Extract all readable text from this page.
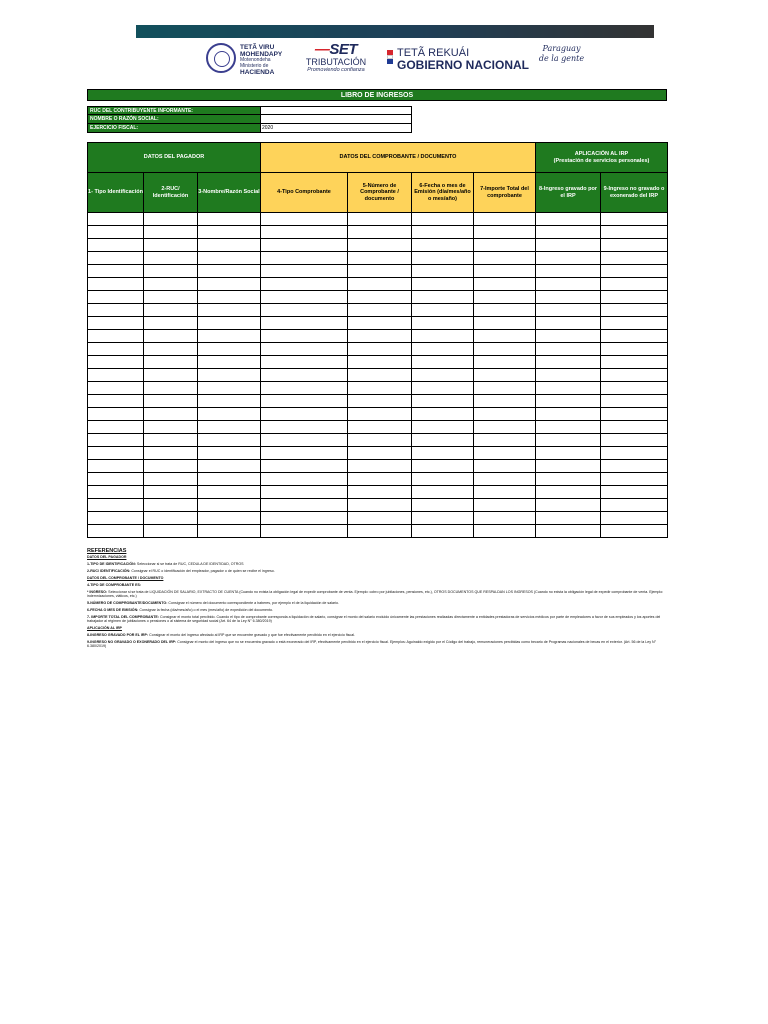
TETÃ VIRU MOHENDAPY
Motenondeha
Ministerio de
HACIENDA
—SET
TRIBUTACIÓN
Promoviendo confianza
TETÃ REKUÁI
GOBIERNO NACIONAL
Paraguay
de la gente
LIBRO DE INGRESOS
RUC DEL CONTRIBUYENTE INFORMANTE:
NOMBRE O RAZÓN SOCIAL:
EJERCICIO FISCAL:	2020
DATOS DEL PAGADOR			DATOS DEL COMPROBANTE / DOCUMENTO				APLICACIÓN AL IRP
(Prestación de servicios personales)	

1- Tipo Identificación	2-RUC/ Identificación	3-Nombre/Razón Social	4-Tipo Comprobante	5-Número de Comprobante / documento	6-Fecha o mes de Emisión (día/mes/año o mes/año)	7-Importe Total del comprobante	8-Ingreso gravado por el IRP	9-Ingreso no gravado o exonerado del IRP

REFERENCIAS

DATOS DEL PAGADOR

1-TIPO DE IDENTIFICACIÓN: Seleccionar si se trata de RUC, CEDULA DE IDENTIDAD, OTROS

2-RUC/ IDENTIFICACIÓN: Consignar el RUC o identificación del empleador, pagador o de quien se recibe el ingreso.

DATOS DEL COMPROBANTE / DOCUMENTO

4-TIPO DE COMPROBANTE ES:

* INGRESO: Seleccionar si se trata de LIQUIDACIÓN DE SALARIO, EXTRACTO DE CUENTA (Cuando no exista la obligación legal de expedir comprobante de venta. Ejemplo: cobro por jubilaciones, pensiones, etc.), OTROS DOCUMENTOS QUE RESPALDAN LOS INGRESOS (Cuando no exista la obligación legal de expedir comprobante de venta. Ejemplo: indemnizaciones, viáticos, etc.)

5-NÚMERO DE COMPROBANTE/DOCUMENTO: Consignar el número del documento correspondiente a haberes, por ejemplo el de la liquidación de salario.

6-FECHA O MES DE EMISIÓN: Consignar la fecha (día/mes/año) o el mes (mes/año) de expedición del documento.

7- IMPORTE TOTAL DEL COMPROBANTE: Consignar el monto total percibido. Cuando el tipo de comprobante corresponda a liquidación de salario, consignar el monto del salario excluido únicamente las prestaciones realizadas directamente a entidades prestadoras de servicios médicos por parte de empleadores a favor de sus empleados y los aportes del trabajador al régimen de jubilaciones o pensiones o al sistema de seguridad social (Art. 64 de la Ley N° 6.380/2019)

APLICACIÓN AL IRP

8-INGRESO GRAVADO POR EL IRP: Consignar el monto del ingreso afectado al IRP que se encuentre gravado y que fue efectivamente percibido en el ejercicio fiscal.

9-INGRESO NO GRAVADO O EXONERADO DEL IRP: Consignar el monto del ingreso que no se encuentra gravado o está exonerado del IRP, efectivamente percibido en el ejercicio fiscal. Ejemplos: Aguinaldo exigido por el Código del trabajo, remuneraciones percibidas como becario de Programas nacionales de becas en el exterior. (Art. 56 de la Ley N° 6.380/2019)
